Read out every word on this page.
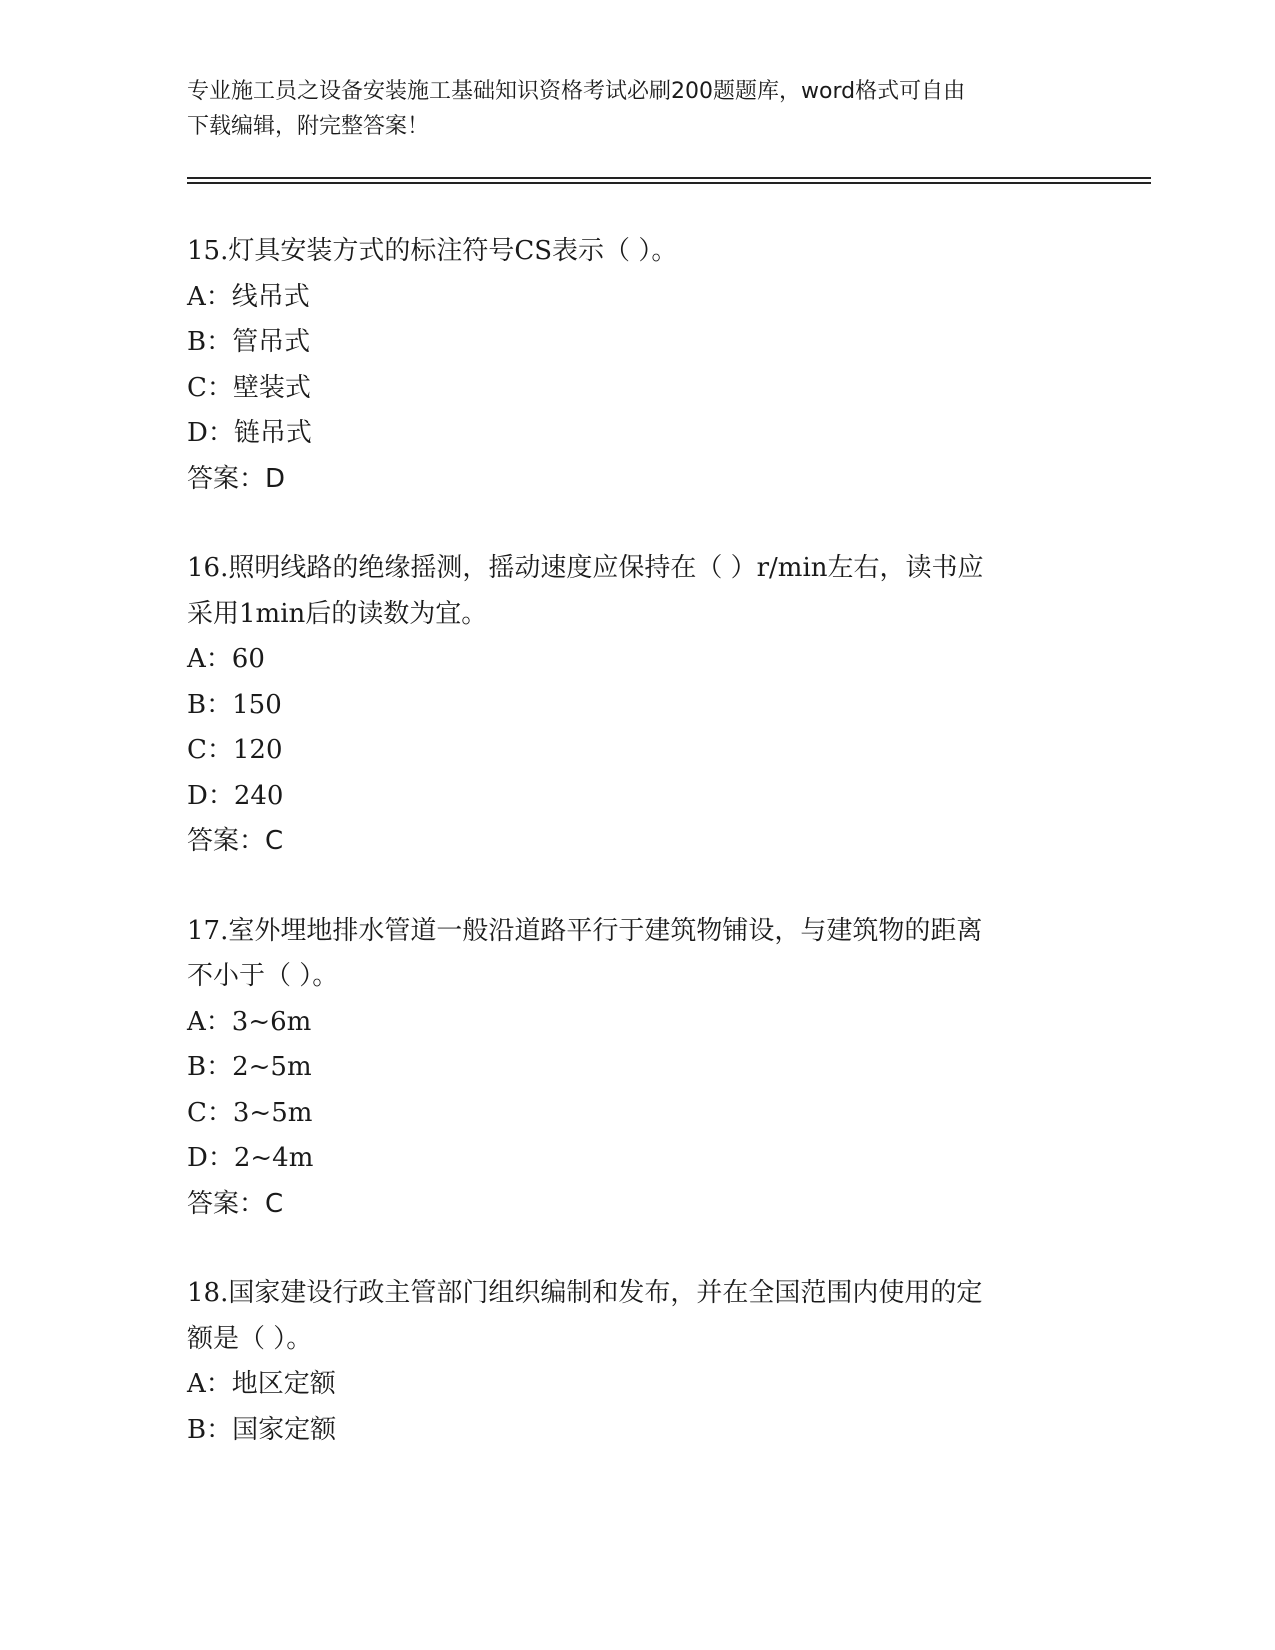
专业施工员之设备安装施工基础知识资格考试必刷200题题库，word格式可自由
下载编辑，附完整答案！
15.灯具安装方式的标注符号CS表示（ ）。
A：线吊式
B：管吊式
C：壁装式
D：链吊式
答案：D
16.照明线路的绝缘摇测，摇动速度应保持在（ ）r/min左右，读书应
采用1min后的读数为宜。
A：60
B：150
C：120
D：240
答案：C
17.室外埋地排水管道一般沿道路平行于建筑物铺设，与建筑物的距离
不小于（ ）。
A：3~6m
B：2~5m
C：3~5m
D：2~4m
答案：C
18.国家建设行政主管部门组织编制和发布，并在全国范围内使用的定
额是（ ）。
A：地区定额
B：国家定额
